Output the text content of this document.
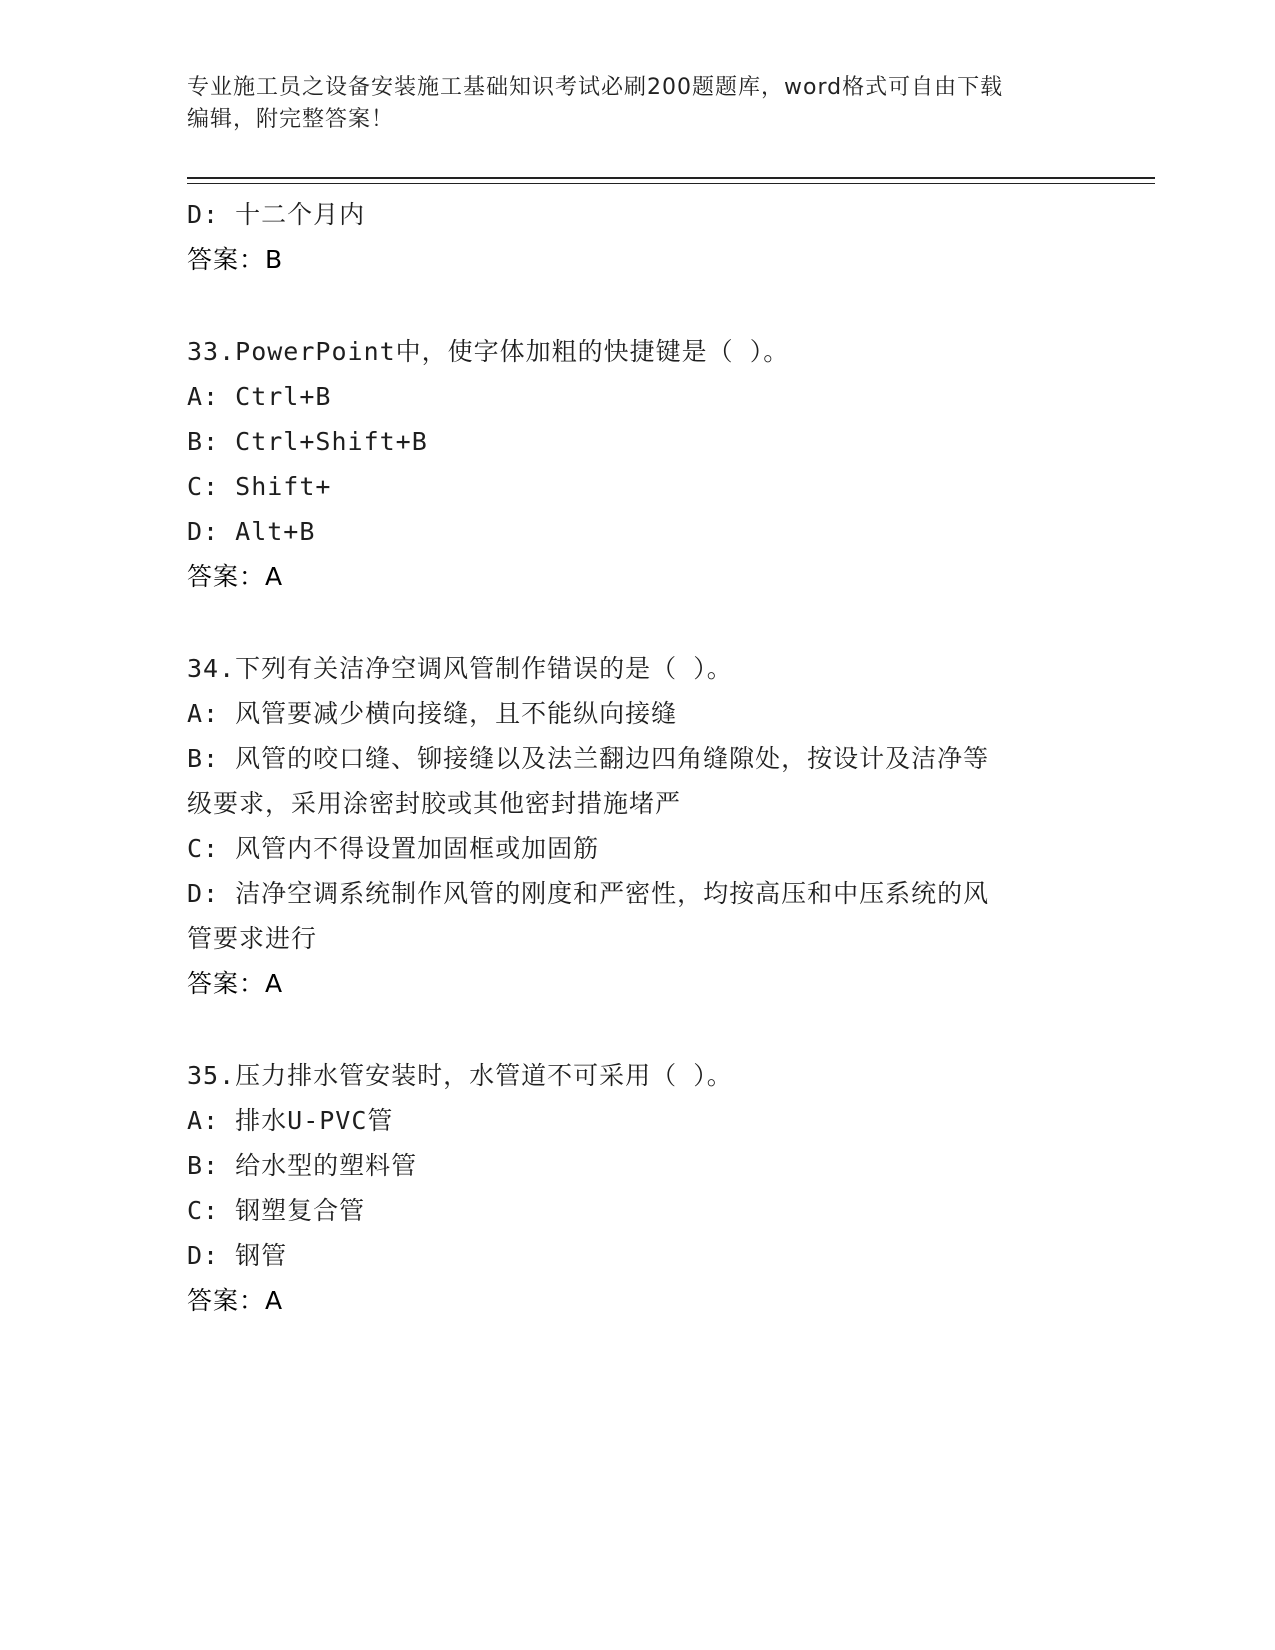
专业施工员之设备安装施工基础知识考试必刷200题题库，word格式可自由下载
编辑，附完整答案！
D: 十二个月内
答案：B
33.PowerPoint中，使字体加粗的快捷键是（ ）。
A: Ctrl+B
B: Ctrl+Shift+B
C: Shift+
D: Alt+B
答案：A
34.下列有关洁净空调风管制作错误的是（ ）。
A: 风管要减少横向接缝，且不能纵向接缝
B: 风管的咬口缝、铆接缝以及法兰翻边四角缝隙处，按设计及洁净等
级要求，采用涂密封胶或其他密封措施堵严
C: 风管内不得设置加固框或加固筋
D: 洁净空调系统制作风管的刚度和严密性，均按高压和中压系统的风
管要求进行
答案：A
35.压力排水管安装时，水管道不可采用（ ）。
A: 排水U-PVC管
B: 给水型的塑料管
C: 钢塑复合管
D: 钢管
答案：A
